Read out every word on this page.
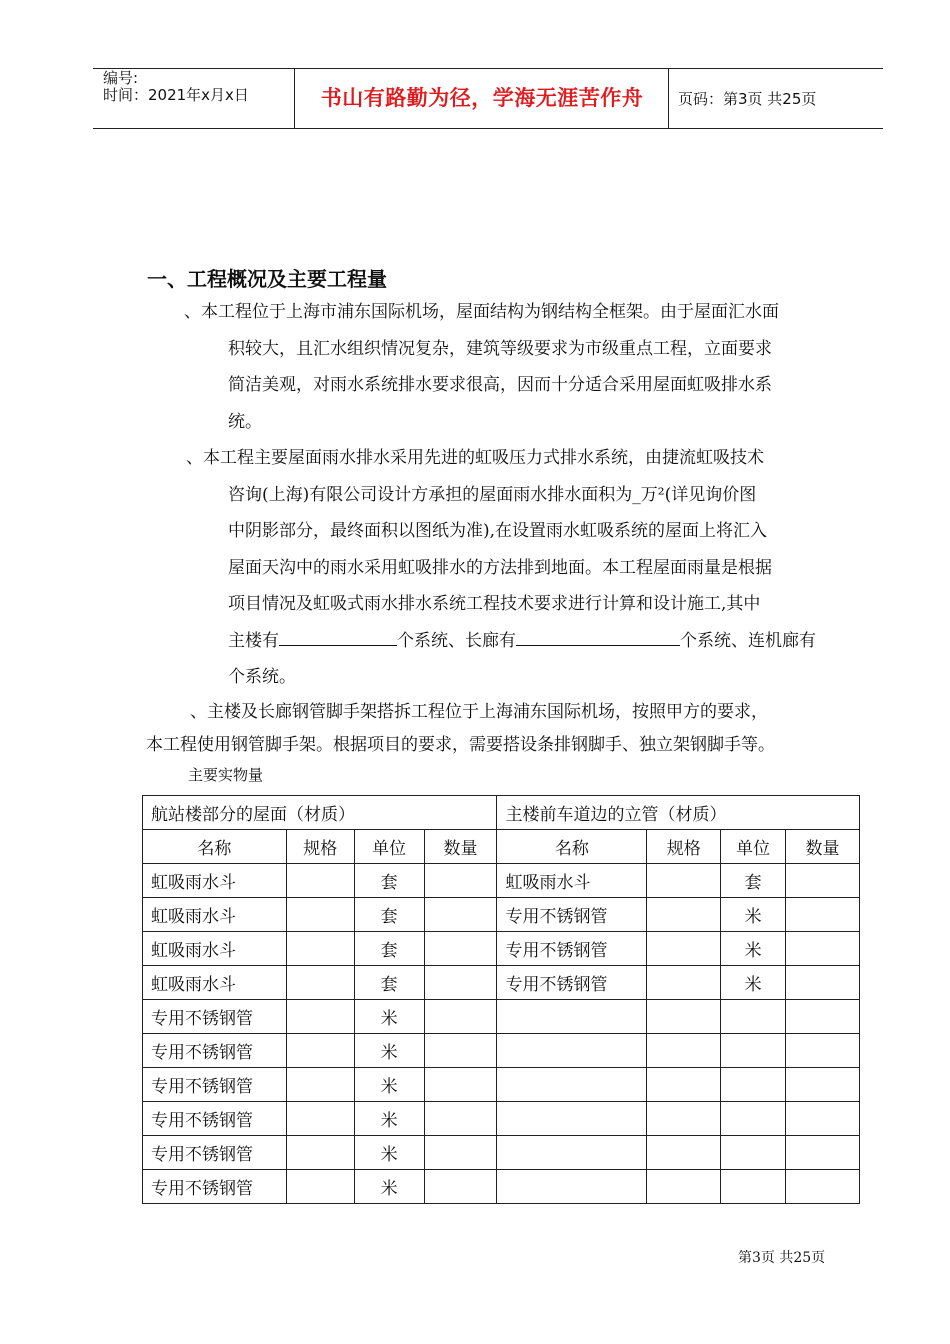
编号:
时间：2021年x月x日	书山有路勤为径，学海无涯苦作舟	页码：第3页 共25页
一、工程概况及主要工程量
、本工程位于上海市浦东国际机场，屋面结构为钢结构全框架。由于屋面汇水面
积较大，且汇水组织情况复杂，建筑等级要求为市级重点工程，立面要求
简洁美观，对雨水系统排水要求很高，因而十分适合采用屋面虹吸排水系
统。
、本工程主要屋面雨水排水采用先进的虹吸压力式排水系统，由捷流虹吸技术
咨询(上海)有限公司设计方承担的屋面雨水排水面积为_万²(详见询价图
中阴影部分，最终面积以图纸为准),在设置雨水虹吸系统的屋面上将汇入
屋面天沟中的雨水采用虹吸排水的方法排到地面。本工程屋面雨量是根据
项目情况及虹吸式雨水排水系统工程技术要求进行计算和设计施工,其中
主楼有	个系统、长廊有	个系统、连机廊有
个系统。
、主楼及长廊钢管脚手架搭拆工程位于上海浦东国际机场，按照甲方的要求，
本工程使用钢管脚手架。根据项目的要求，需要搭设条排钢脚手、独立架钢脚手等。
主要实物量
航站楼部分的屋面（材质）				主楼前车道边的立管（材质）			
名称	规格	单位	数量	名称	规格	单位	数量
虹吸雨水斗		套		虹吸雨水斗		套	
虹吸雨水斗		套		专用不锈钢管		米	
虹吸雨水斗		套		专用不锈钢管		米	
虹吸雨水斗		套		专用不锈钢管		米	
专用不锈钢管		米					
专用不锈钢管		米					
专用不锈钢管		米					
专用不锈钢管		米					
专用不锈钢管		米					
专用不锈钢管		米					
第3页 共25页
